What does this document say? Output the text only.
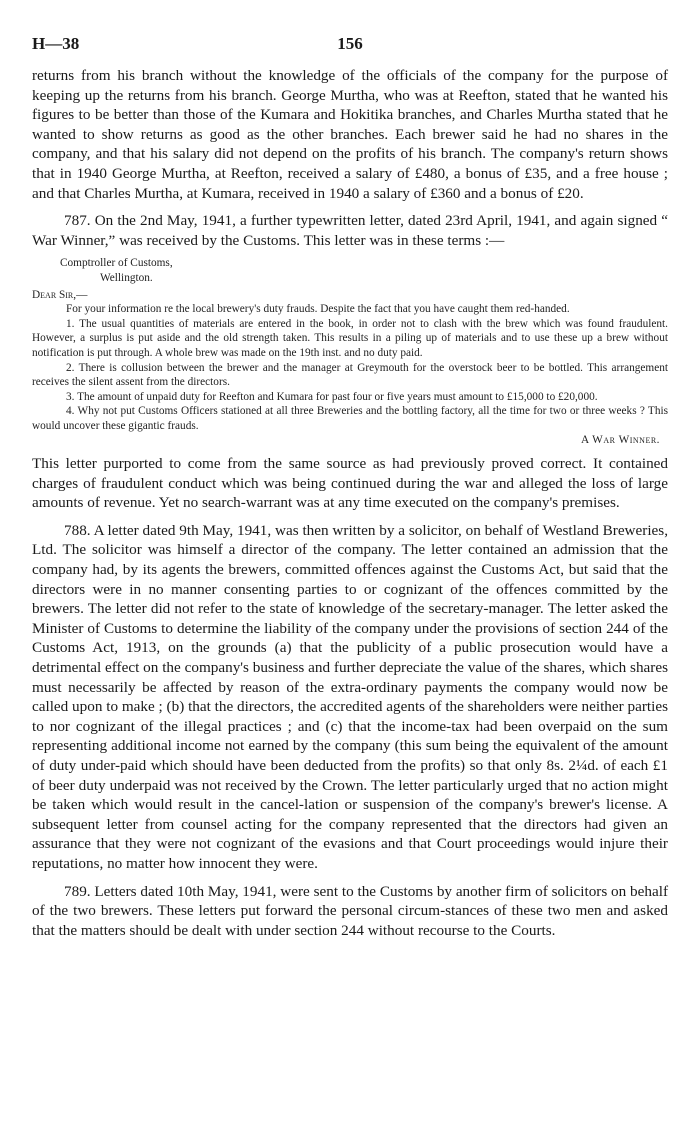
H—38	156

returns from his branch without the knowledge of the officials of the company for the purpose of keeping up the returns from his branch. George Murtha, who was at Reefton, stated that he wanted his figures to be better than those of the Kumara and Hokitika branches, and Charles Murtha stated that he wanted to show returns as good as the other branches. Each brewer said he had no shares in the company, and that his salary did not depend on the profits of his branch. The company's return shows that in 1940 George Murtha, at Reefton, received a salary of £480, a bonus of £35, and a free house ; and that Charles Murtha, at Kumara, received in 1940 a salary of £360 and a bonus of £20.

787. On the 2nd May, 1941, a further typewritten letter, dated 23rd April, 1941, and again signed “ War Winner,” was received by the Customs. This letter was in these terms :—

Comptroller of Customs,
Wellington.
Dear Sir,—

For your information re the local brewery's duty frauds. Despite the fact that you have caught them red-handed.

1. The usual quantities of materials are entered in the book, in order not to clash with the brew which was found fraudulent. However, a surplus is put aside and the old strength taken. This results in a piling up of materials and to use these up a brew without notification is put through. A whole brew was made on the 19th inst. and no duty paid.

2. There is collusion between the brewer and the manager at Greymouth for the overstock beer to be bottled. This arrangement receives the silent assent from the directors.

3. The amount of unpaid duty for Reefton and Kumara for past four or five years must amount to £15,000 to £20,000.

4. Why not put Customs Officers stationed at all three Breweries and the bottling factory, all the time for two or three weeks ? This would uncover these gigantic frauds.

A War Winner.

This letter purported to come from the same source as had previously proved correct. It contained charges of fraudulent conduct which was being continued during the war and alleged the loss of large amounts of revenue. Yet no search-warrant was at any time executed on the company's premises.

788. A letter dated 9th May, 1941, was then written by a solicitor, on behalf of Westland Breweries, Ltd. The solicitor was himself a director of the company. The letter contained an admission that the company had, by its agents the brewers, committed offences against the Customs Act, but said that the directors were in no manner consenting parties to or cognizant of the offences committed by the brewers. The letter did not refer to the state of knowledge of the secretary-manager. The letter asked the Minister of Customs to determine the liability of the company under the provisions of section 244 of the Customs Act, 1913, on the grounds (a) that the publicity of a public prosecution would have a detrimental effect on the company's business and further depreciate the value of the shares, which shares must necessarily be affected by reason of the extra-ordinary payments the company would now be called upon to make ; (b) that the directors, the accredited agents of the shareholders were neither parties to nor cognizant of the illegal practices ; and (c) that the income-tax had been overpaid on the sum representing additional income not earned by the company (this sum being the equivalent of the amount of duty under-paid which should have been deducted from the profits) so that only 8s. 2¼d. of each £1 of beer duty underpaid was not received by the Crown. The letter particularly urged that no action might be taken which would result in the cancel-lation or suspension of the company's brewer's license. A subsequent letter from counsel acting for the company represented that the directors had given an assurance that they were not cognizant of the evasions and that Court proceedings would injure their reputations, no matter how innocent they were.

789. Letters dated 10th May, 1941, were sent to the Customs by another firm of solicitors on behalf of the two brewers. These letters put forward the personal circum-stances of these two men and asked that the matters should be dealt with under section 244 without recourse to the Courts.
